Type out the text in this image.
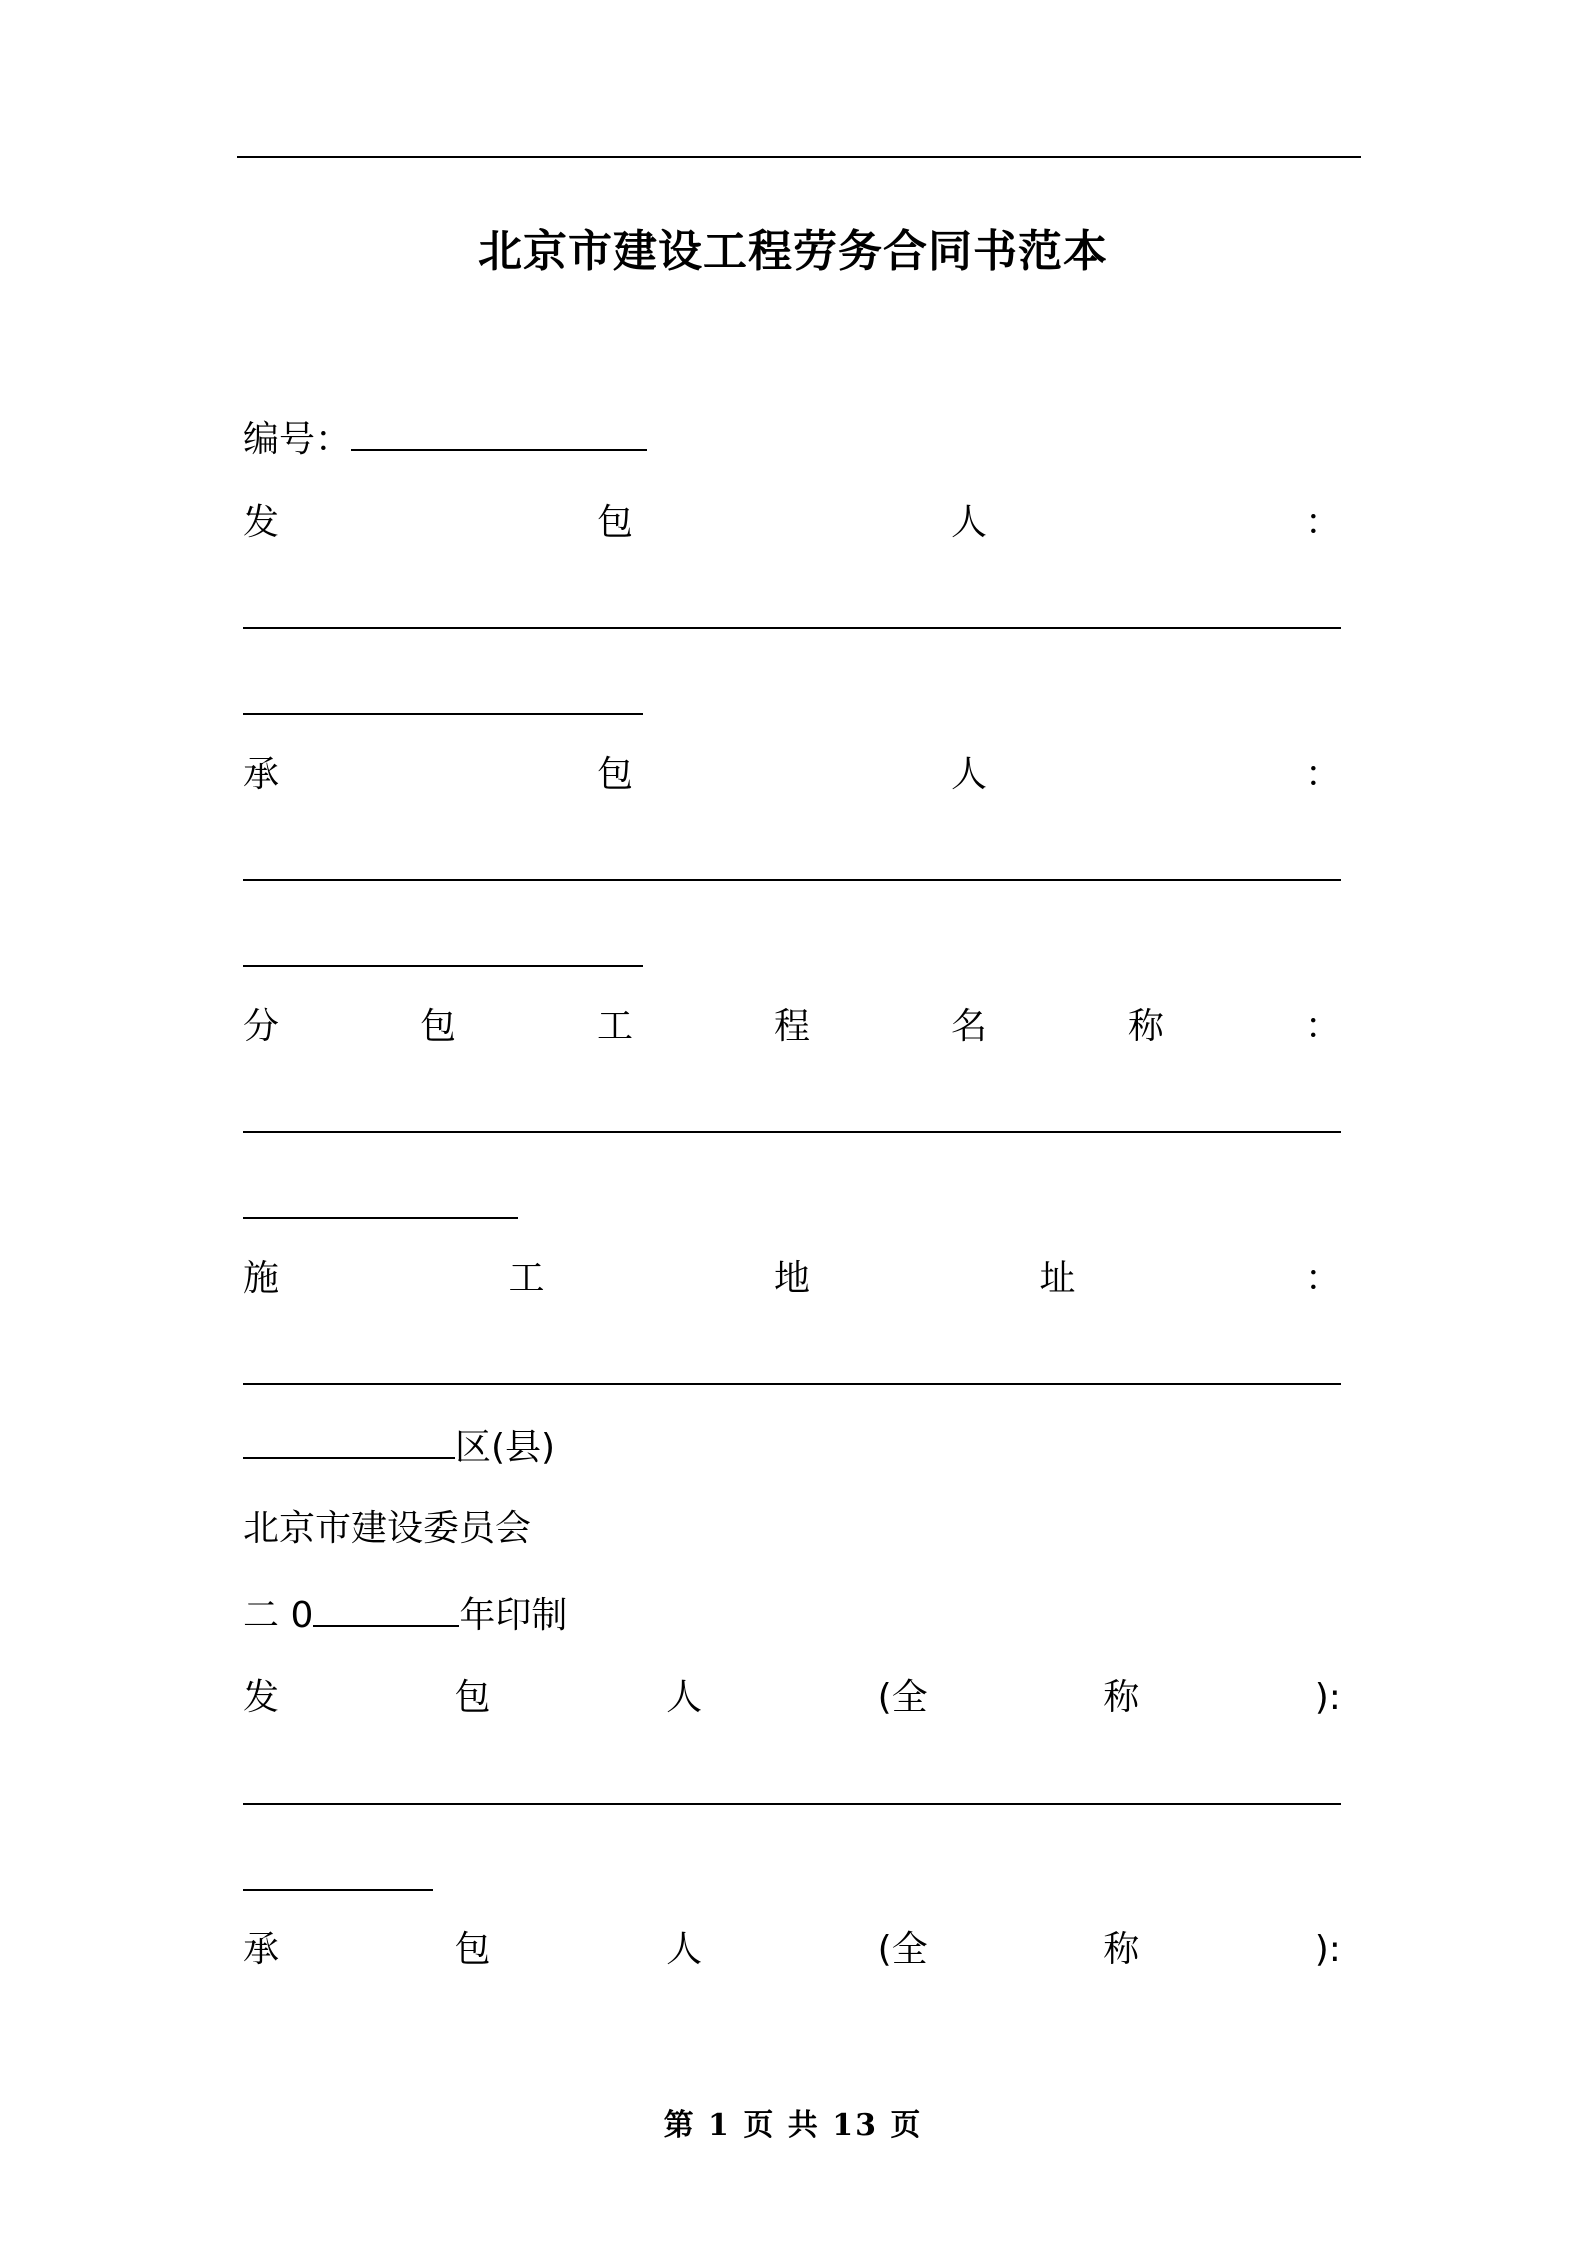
北京市建设工程劳务合同书范本
编号：
发	包	人	：
承	包	人	：
分	包	工	程	名	称	：
施	工	地	址	：
区(县)
北京市建设委员会
二 0	年印制
发	包	人	(全	称	):
承	包	人	(全	称	):
第 1 页 共 13 页
